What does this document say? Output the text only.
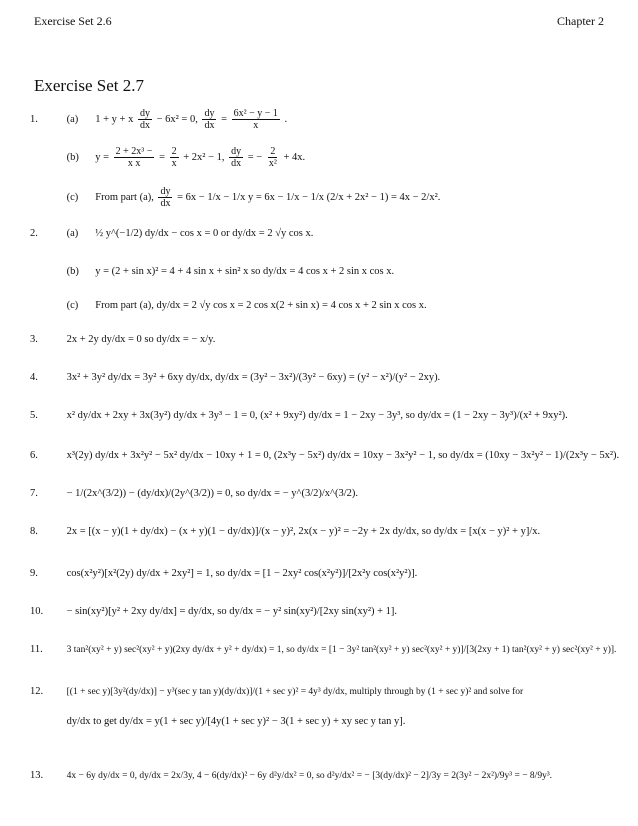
Exercise Set 2.6	Chapter 2
Exercise Set 2.7
1.	(a) 1 + y + x $\frac{dy}{dx} - 6x^2 = 0$, $\frac{dy}{dx} = \frac{\text{6x² − y − 1}}{x}$ .
(b) $y = \frac{\text{2 + 2x³ −}}{\text{x x}} = \frac{2}{x} + 2x^2 - 1$, $\frac{dy}{dx}$ = − $\frac{2}{\text{x²}} + 4x$.
(c) From part (a), $\frac{dy}{dx} = 6x - 1/x - 1/x$ y = 6x − 1/x − 1/x (2/x + 2x² − 1) = 4x − 2/x².
2.	(a) ½ y^(−1/2) dy/dx − cos x = 0 or dy/dx = 2 √y cos x.
(b) y = (2 + sin x)² = 4 + 4 sin x + sin² x so dy/dx = 4 cos x + 2 sin x cos x.
(c) From part (a), dy/dx = 2 √y cos x = 2 cos x(2 + sin x) = 4 cos x + 2 sin x cos x.
3.	2x + 2y dy/dx = 0 so dy/dx = − x/y.
4.	3x² + 3y² dy/dx = 3y² + 6xy dy/dx, dy/dx = (3y² − 3x²)/(3y² − 6xy) = (y² − x²)/(y² − 2xy).
5.	x² dy/dx + 2xy + 3x(3y²) dy/dx + 3y³ − 1 = 0, (x² + 9xy²) dy/dx = 1 − 2xy − 3y³, so dy/dx = (1 − 2xy − 3y³)/(x² + 9xy²).
6.	x³(2y) dy/dx + 3x²y² − 5x² dy/dx − 10xy + 1 = 0, (2x³y − 5x²) dy/dx = 10xy − 3x²y² − 1, so dy/dx = (10xy − 3x²y² − 1)/(2x³y − 5x²).
7.	− 1/(2x^(3/2)) − (dy/dx)/(2y^(3/2)) = 0, so dy/dx = − y^(3/2)/x^(3/2).
8.	2x = [(x − y)(1 + dy/dx) − (x + y)(1 − dy/dx)]/(x − y)², 2x(x − y)² = −2y + 2x dy/dx, so dy/dx = [x(x − y)² + y]/x.
9.	cos(x²y²)[x²(2y) dy/dx + 2xy²] = 1, so dy/dx = [1 − 2xy² cos(x²y²)]/[2x²y cos(x²y²)].
10. − sin(xy²)[y² + 2xy dy/dx] = dy/dx, so dy/dx = − y² sin(xy²)/[2xy sin(xy²) + 1].
11.	3 tan²(xy² + y) sec²(xy² + y)(2xy dy/dx + y² + dy/dx) = 1, so dy/dx = [1 − 3y² tan²(xy² + y) sec²(xy² + y)]/[3(2xy + 1) tan²(xy² + y) sec²(xy² + y)].
12. [(1 + sec y)[3y²(dy/dx)] − y³(sec y tan y)(dy/dx)]/(1 + sec y)² = 4y³ dy/dx, multiply through by (1 + sec y)² and solve for
dy/dx to get dy/dx = y(1 + sec y)/[4y(1 + sec y)² − 3(1 + sec y) + xy sec y tan y].
13. 4x − 6y dy/dx = 0, dy/dx = 2x/3y, 4 − 6(dy/dx)² − 6y d²y/dx² = 0, so d²y/dx² = − [3(dy/dx)² − 2]/3y = 2(3y² − 2x²)/9y³ = − 8/9y³.
